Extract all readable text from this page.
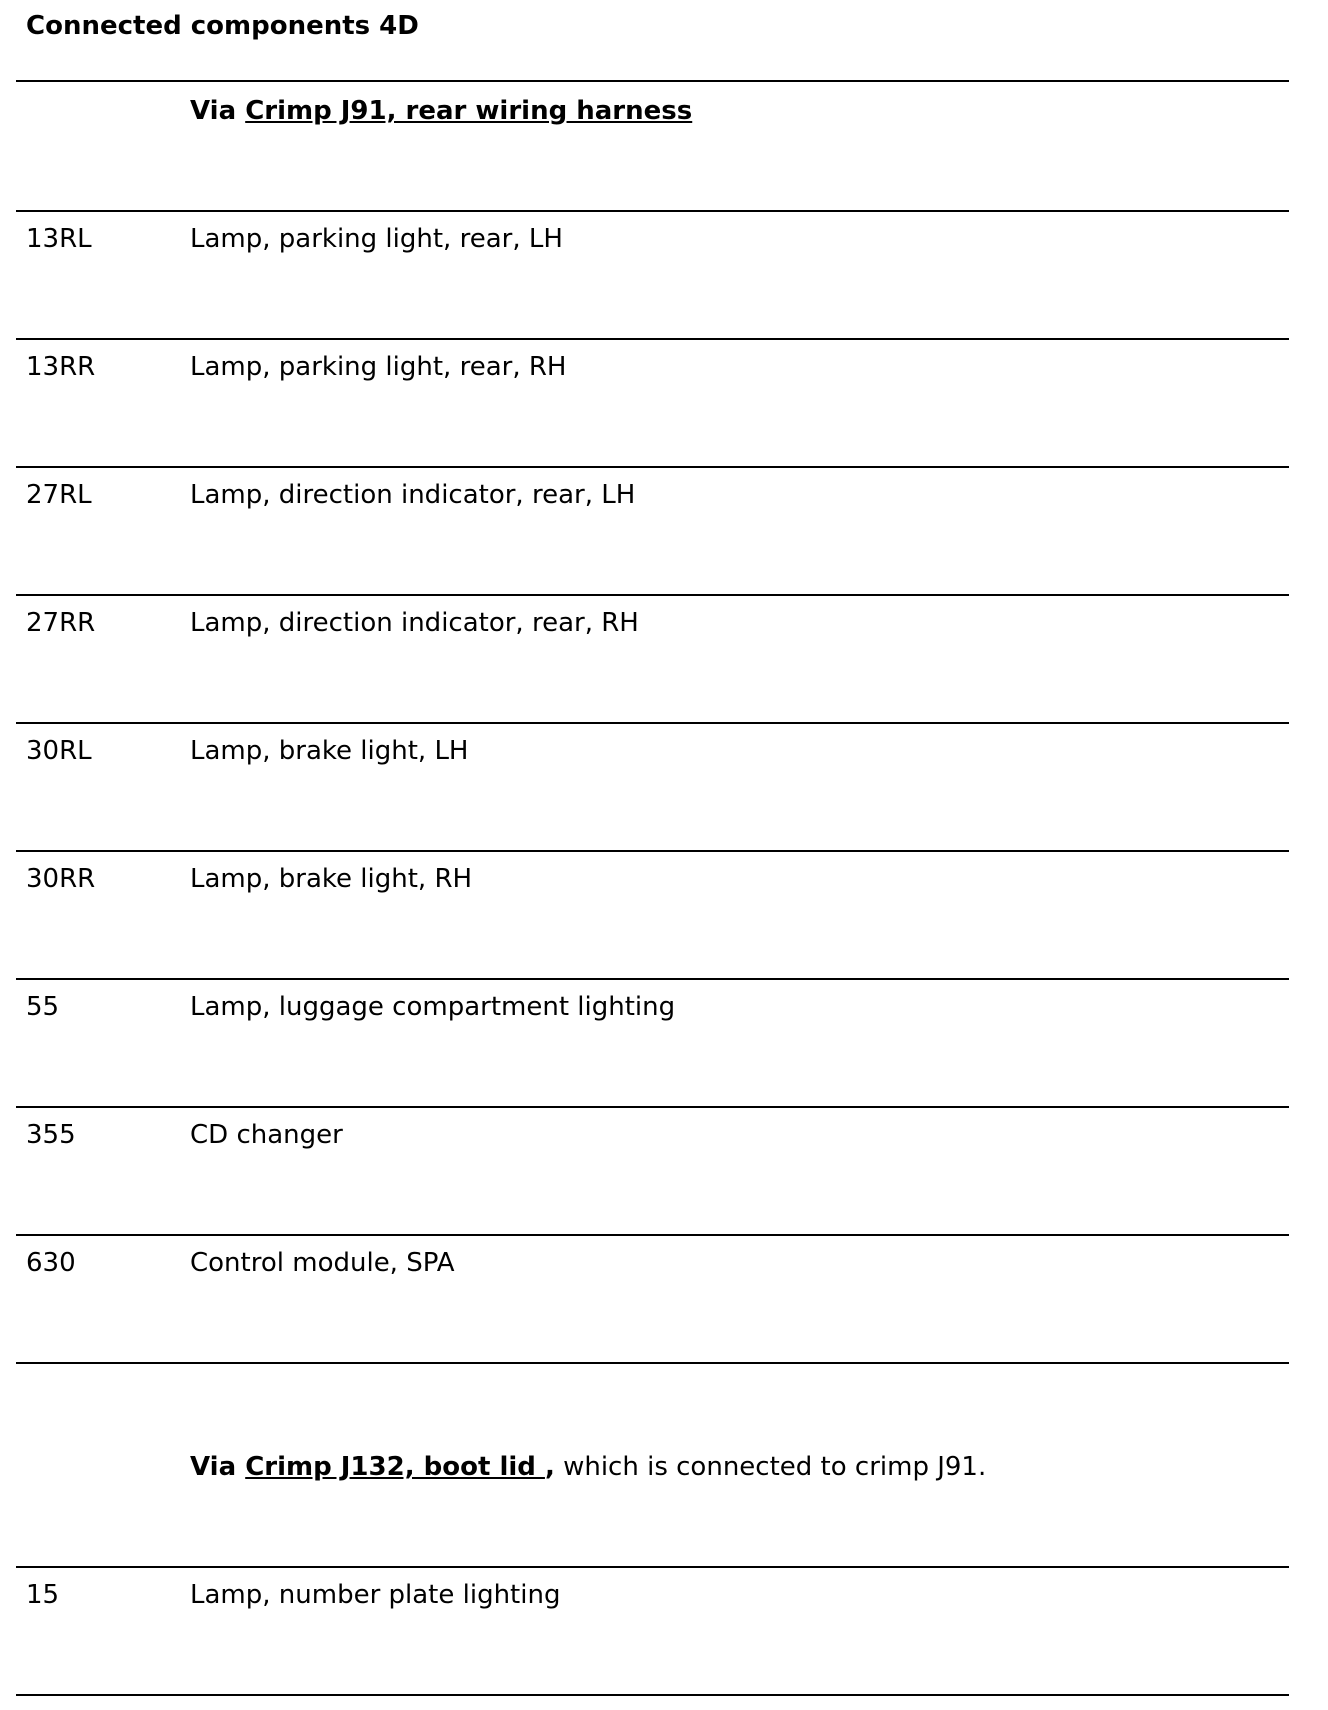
Connected components 4D
Via Crimp J91, rear wiring harness
13RL	Lamp, parking light, rear, LH
13RR	Lamp, parking light, rear, RH
27RL	Lamp, direction indicator, rear, LH
27RR	Lamp, direction indicator, rear, RH
30RL	Lamp, brake light, LH
30RR	Lamp, brake light, RH
55	Lamp, luggage compartment lighting
355	CD changer
630	Control module, SPA
Via Crimp J132, boot lid , which is connected to crimp J91.
15	Lamp, number plate lighting
